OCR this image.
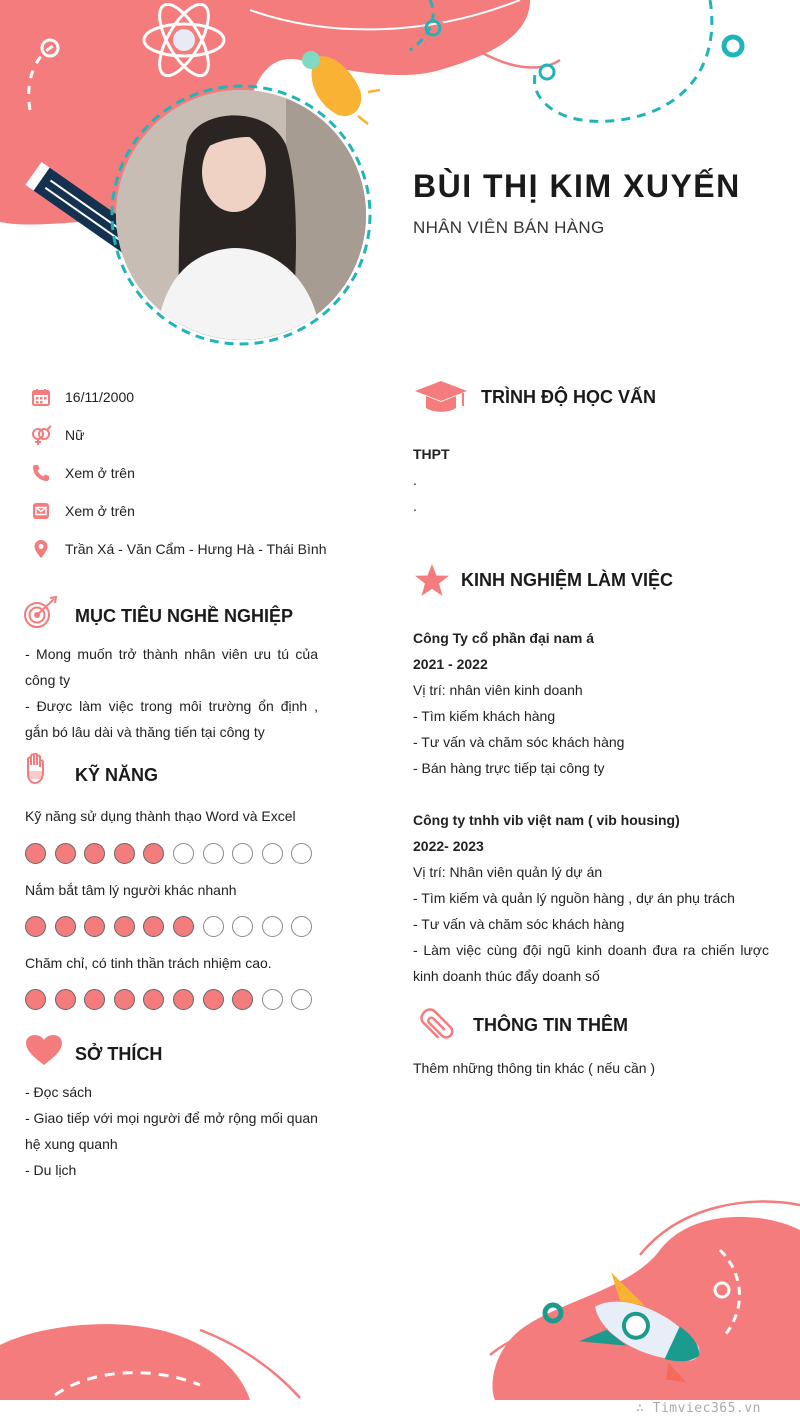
BÙI THỊ KIM XUYẾN
NHÂN VIÊN BÁN HÀNG
16/11/2000
Nữ
Xem ở trên
Xem ở trên
Trần Xá - Văn Cẩm - Hưng Hà - Thái Bình
MỤC TIÊU NGHỀ NGHIỆP
- Mong muốn trở thành nhân viên ưu tú của công ty
- Được làm việc trong môi trường ổn định , gắn bó lâu dài và thăng tiến tại công ty
KỸ NĂNG
Kỹ năng sử dụng thành thạo Word và Excel
Nắm bắt tâm lý người khác nhanh
Chăm chỉ, có tinh thần trách nhiệm cao.
SỞ THÍCH
- Đọc sách
- Giao tiếp với mọi người để mở rộng mối quan hệ xung quanh
- Du lịch
TRÌNH ĐỘ HỌC VẤN
THPT
.
.
KINH NGHIỆM LÀM VIỆC
Công Ty cổ phần đại nam á
2021 - 2022
Vị trí: nhân viên kinh doanh
- Tìm kiếm khách hàng
- Tư vấn và chăm sóc khách hàng
- Bán hàng trực tiếp tại công ty
Công ty tnhh vib việt nam ( vib housing)
2022- 2023
Vị trí: Nhân viên quản lý dự án
- Tìm kiếm và quản lý nguồn hàng , dự án phụ trách
- Tư vấn và chăm sóc khách hàng
- Làm việc cùng đội ngũ kinh doanh đưa ra chiến lược kinh doanh thúc đẩy doanh số
THÔNG TIN THÊM
Thêm những thông tin khác ( nếu cần )
∴ Timviec365.vn
